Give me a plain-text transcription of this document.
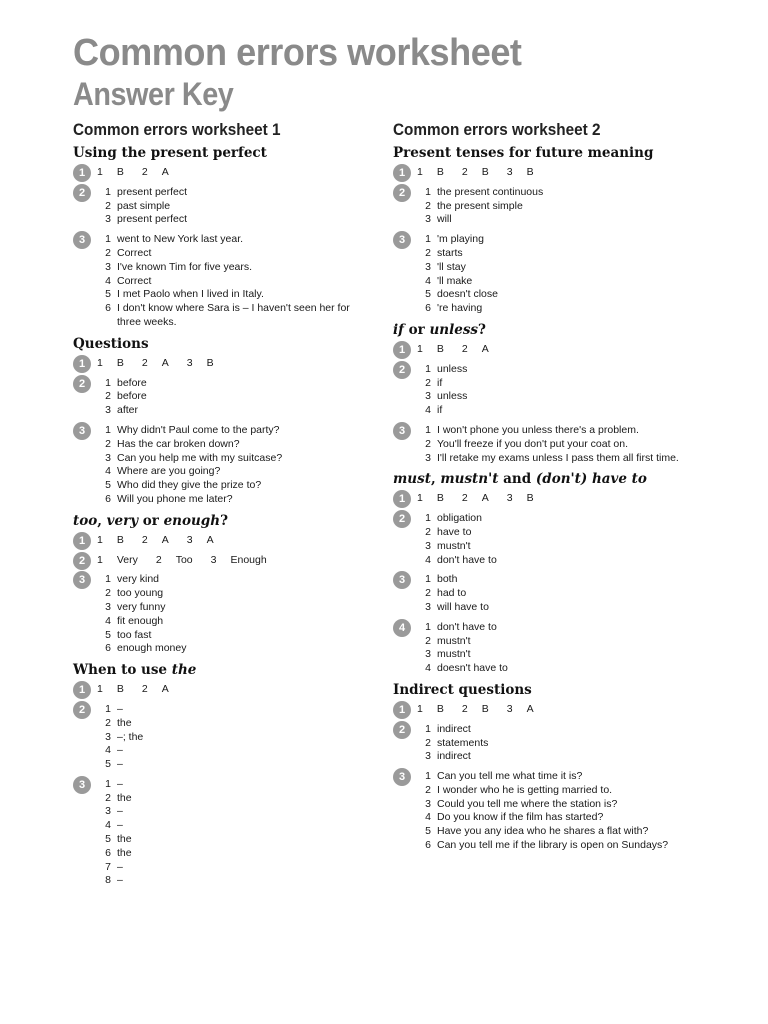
Common errors worksheet
Answer Key
Common errors worksheet 1
Using the present perfect
1	1 B 2 A
2	1 present perfect
2 past simple
3 present perfect
3	1 went to New York last year.
2 Correct
3 I've known Tim for five years.
4 Correct
5 I met Paolo when I lived in Italy.
6 I don't know where Sara is – I haven't seen her for three weeks.
Questions
1	1 B 2 A 3 B
2	1 before
2 before
3 after
3	1 Why didn't Paul come to the party?
2 Has the car broken down?
3 Can you help me with my suitcase?
4 Where are you going?
5 Who did they give the prize to?
6 Will you phone me later?
too, very or enough?
1	1 B 2 A 3 A
2	1 Very 2 Too 3 Enough
3	1 very kind
2 too young
3 very funny
4 fit enough
5 too fast
6 enough money
When to use the
1	1 B 2 A
2	1 –
2 the
3 –; the
4 –
5 –
3	1 –
2 the
3 –
4 –
5 the
6 the
7 –
8 –
Common errors worksheet 2
Present tenses for future meaning
1	1 B 2 B 3 B
2	1 the present continuous
2 the present simple
3 will
3	1 'm playing
2 starts
3 'll stay
4 'll make
5 doesn't close
6 're having
if or unless?
1	1 B 2 A
2	1 unless
2 if
3 unless
4 if
3	1 I won't phone you unless there's a problem.
2 You'll freeze if you don't put your coat on.
3 I'll retake my exams unless I pass them all first time.
must, mustn't and (don't) have to
1	1 B 2 A 3 B
2	1 obligation
2 have to
3 mustn't
4 don't have to
3	1 both
2 had to
3 will have to
4	1 don't have to
2 mustn't
3 mustn't
4 doesn't have to
Indirect questions
1	1 B 2 B 3 A
2	1 indirect
2 statements
3 indirect
3	1 Can you tell me what time it is?
2 I wonder who he is getting married to.
3 Could you tell me where the station is?
4 Do you know if the film has started?
5 Have you any idea who he shares a flat with?
6 Can you tell me if the library is open on Sundays?
